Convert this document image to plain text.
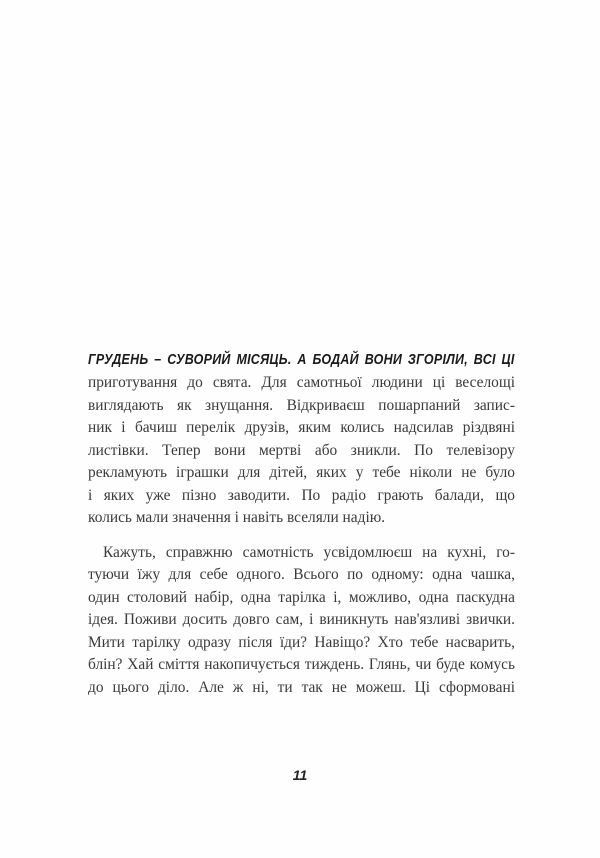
ГРУДЕНЬ – СУВОРИЙ МІСЯЦЬ. А БОДАЙ ВОНИ ЗГОРІЛИ, ВСІ ЦІ
приготування до свята. Для самотньої людини ці веселощі
виглядають як знущання. Відкриваєш пошарпаний запис-
ник і бачиш перелік друзів, яким колись надсилав різдвяні
листівки. Тепер вони мертві або зникли. По телевізору
рекламують іграшки для дітей, яких у тебе ніколи не було
і яких уже пізно заводити. По радіо грають балади, що
колись мали значення і навіть вселяли надію.
Кажуть, справжню самотність усвідомлюєш на кухні, го-
туючи їжу для себе одного. Всього по одному: одна чашка,
один столовий набір, одна тарілка і, можливо, одна паскудна
ідея. Поживи досить довго сам, і виникнуть нав'язливі звички.
Мити тарілку одразу після їди? Навіщо? Хто тебе насварить,
блін? Хай сміття накопичується тиждень. Глянь, чи буде комусь
до цього діло. Але ж ні, ти так не можеш. Ці сформовані
11
